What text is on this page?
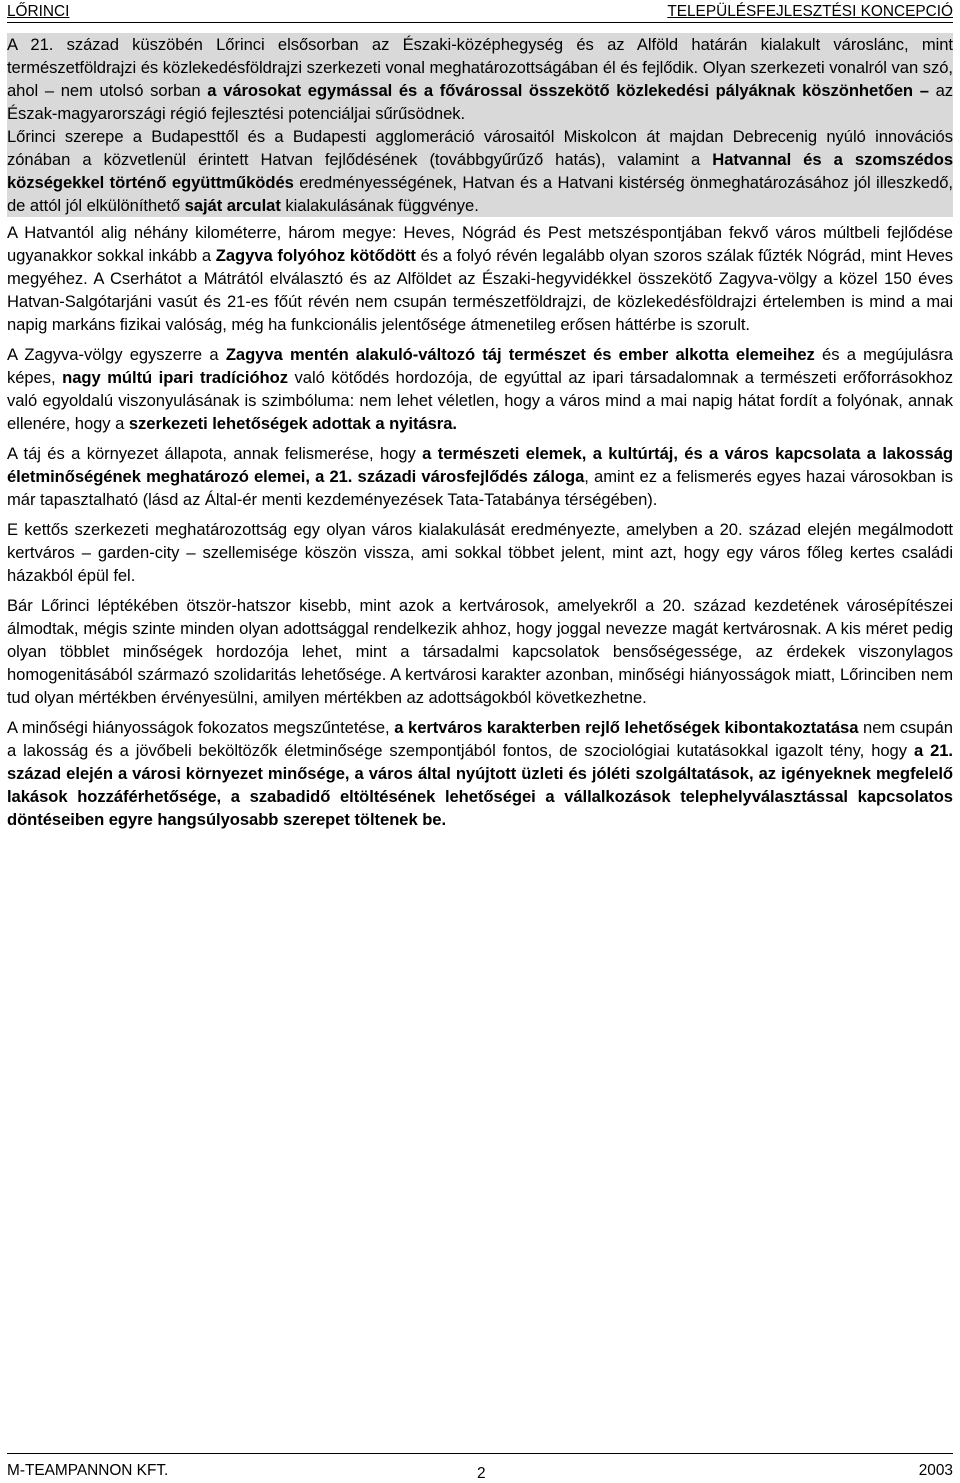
LŐRINCI	TELEPÜLÉSFEJLESZTÉSI KONCEPCIÓ

A 21. század küszöbén Lőrinci elsősorban az Északi-középhegység és az Alföld határán kialakult városlánc, mint természetföldrajzi és közlekedésföldrajzi szerkezeti vonal meghatározottságában él és fejlődik. Olyan szerkezeti vonalról van szó, ahol – nem utolsó sorban a városokat egymással és a fővárossal összekötő közlekedési pályáknak köszönhetően – az Észak-magyarországi régió fejlesztési potenciáljai sűrűsödnek.

Lőrinci szerepe a Budapesttől és a Budapesti agglomeráció városaitól Miskolcon át majdan Debrecenig nyúló innovációs zónában a közvetlenül érintett Hatvan fejlődésének (továbbgyűrűző hatás), valamint a Hatvannal és a szomszédos községekkel történő együttműködés eredményességének, Hatvan és a Hatvani kistérség önmeghatározásához jól illeszkedő, de attól jól elkülöníthető saját arculat kialakulásának függvénye.

A Hatvantól alig néhány kilométerre, három megye: Heves, Nógrád és Pest metszéspontjában fekvő város múltbeli fejlődése ugyanakkor sokkal inkább a Zagyva folyóhoz kötődött és a folyó révén legalább olyan szoros szálak fűzték Nógrád, mint Heves megyéhez. A Cserhátot a Mátrától elválasztó és az Alföldet az Északi-hegyvidékkel összekötő Zagyva-völgy a közel 150 éves Hatvan-Salgótarjáni vasút és 21-es főút révén nem csupán természetföldrajzi, de közlekedésföldrajzi értelemben is mind a mai napig markáns fizikai valóság, még ha funkcionális jelentősége átmenetileg erősen háttérbe is szorult.

A Zagyva-völgy egyszerre a Zagyva mentén alakuló-változó táj természet és ember alkotta elemeihez és a megújulásra képes, nagy múltú ipari tradícióhoz való kötődés hordozója, de egyúttal az ipari társadalomnak a természeti erőforrásokhoz való egyoldalú viszonyulásának is szimbóluma: nem lehet véletlen, hogy a város mind a mai napig hátat fordít a folyónak, annak ellenére, hogy a szerkezeti lehetőségek adottak a nyitásra.

A táj és a környezet állapota, annak felismerése, hogy a természeti elemek, a kultúrtáj, és a város kapcsolata a lakosság életminőségének meghatározó elemei, a 21. századi városfejlődés záloga, amint ez a felismerés egyes hazai városokban is már tapasztalható (lásd az Által-ér menti kezdeményezések Tata-Tatabánya térségében).

E kettős szerkezeti meghatározottság egy olyan város kialakulását eredményezte, amelyben a 20. század elején megálmodott kertváros – garden-city – szellemisége köszön vissza, ami sokkal többet jelent, mint azt, hogy egy város főleg kertes családi házakból épül fel.

Bár Lőrinci léptékében ötször-hatszor kisebb, mint azok a kertvárosok, amelyekről a 20. század kezdetének városépítészei álmodtak, mégis szinte minden olyan adottsággal rendelkezik ahhoz, hogy joggal nevezze magát kertvárosnak. A kis méret pedig olyan többlet minőségek hordozója lehet, mint a társadalmi kapcsolatok bensőségessége, az érdekek viszonylagos homogenitásából származó szolidaritás lehetősége. A kertvárosi karakter azonban, minőségi hiányosságok miatt, Lőrinciben nem tud olyan mértékben érvényesülni, amilyen mértékben az adottságokból következhetne.

A minőségi hiányosságok fokozatos megszűntetése, a kertváros karakterben rejlő lehetőségek kibontakoztatása nem csupán a lakosság és a jövőbeli beköltözők életminősége szempontjából fontos, de szociológiai kutatásokkal igazolt tény, hogy a 21. század elején a városi környezet minősége, a város által nyújtott üzleti és jóléti szolgáltatások, az igényeknek megfelelő lakások hozzáférhetősége, a szabadidő eltöltésének lehetőségei a vállalkozások telephelyválasztással kapcsolatos döntéseiben egyre hangsúlyosabb szerepet töltenek be.

M-TEAMPANNON KFT.	2	2003
